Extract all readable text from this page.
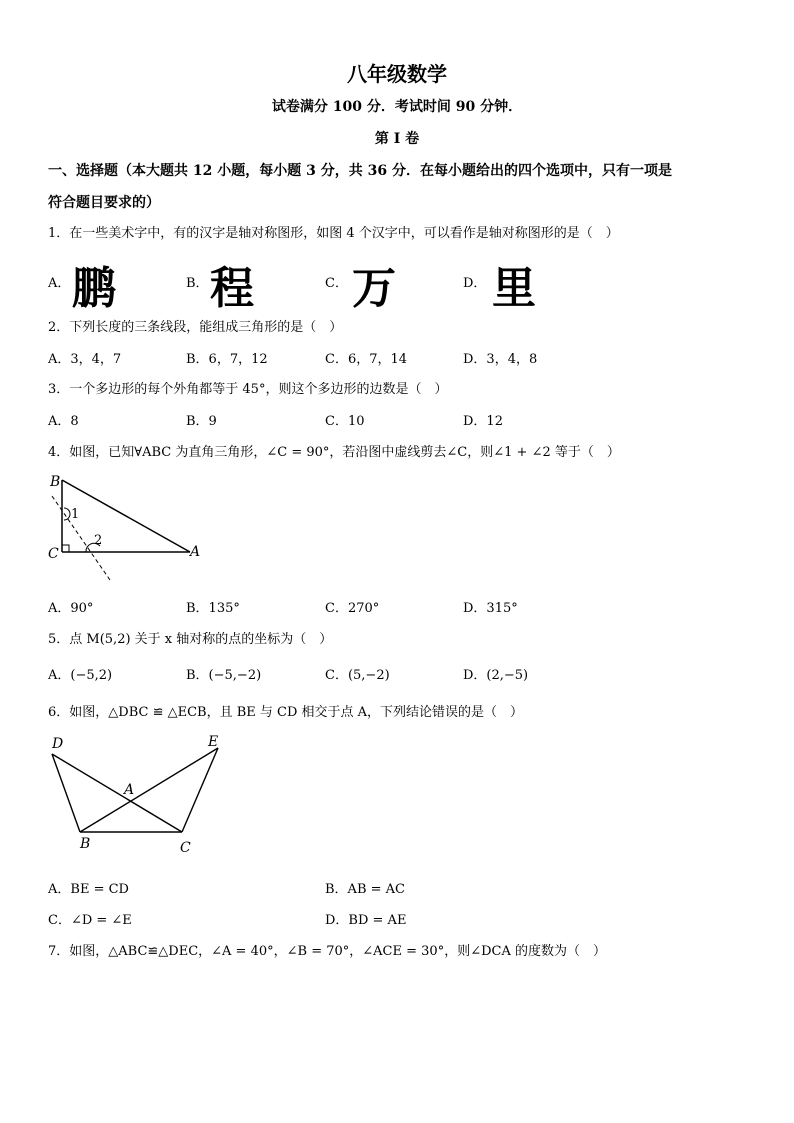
八年级数学
试卷满分 100 分．考试时间 90 分钟．
第 I 卷
一、选择题（本大题共 12 小题，每小题 3 分，共 36 分．在每小题给出的四个选项中，只有一项是
符合题目要求的）
1．在一些美术字中，有的汉字是轴对称图形，如图 4 个汉字中，可以看作是轴对称图形的是（　）
A． 鹏	B． 程	C． 万	D． 里
2．下列长度的三条线段，能组成三角形的是（　）
A．3，4，7	B．6，7，12	C．6，7，14	D．3，4，8
3．一个多边形的每个外角都等于 45°，则这个多边形的边数是（　）
A．8	B．9	C．10	D．12
4．如图，已知∀ABC 为直角三角形，∠C = 90°，若沿图中虚线剪去∠C，则∠1 + ∠2 等于（　）
B
C	A
1
2
A．90°	B．135°	C．270°	D．315°
5．点 M(5,2) 关于 x 轴对称的点的坐标为（　）
A．(−5,2)	B．(−5,−2)	C．(5,−2)	D．(2,−5)
6．如图，△DBC ≌ △ECB，且 BE 与 CD 相交于点 A，下列结论错误的是（　）
D	E
A
B	C
A．BE = CD	B．AB = AC
C．∠D = ∠E	D．BD = AE
7．如图，△ABC≌△DEC，∠A = 40°，∠B = 70°，∠ACE = 30°，则∠DCA 的度数为（　）
